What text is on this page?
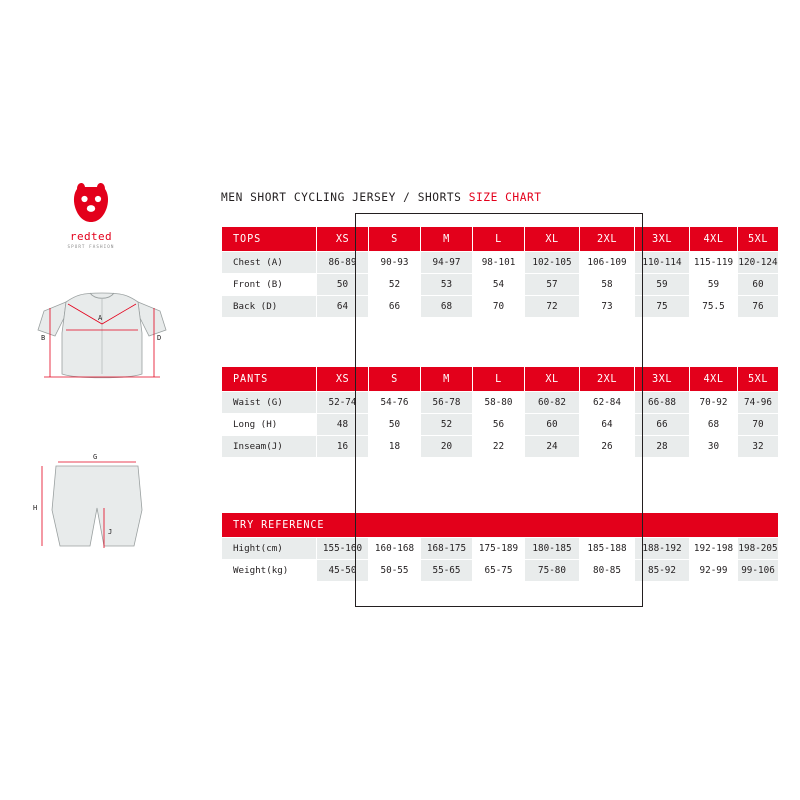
redted
SPORT FASHION
A
B	D
G
H
J
MEN SHORT CYCLING JERSEY / SHORTS SIZE CHART
TOPS	XS	S	M	L	XL	2XL	3XL	4XL	5XL
Chest (A)	86-89	90-93	94-97	98-101	102-105	106-109	110-114	115-119	120-124
Front (B)	50	52	53	54	57	58	59	59	60
Back (D)	64	66	68	70	72	73	75	75.5	76
PANTS	XS	S	M	L	XL	2XL	3XL	4XL	5XL
Waist (G)	52-74	54-76	56-78	58-80	60-82	62-84	66-88	70-92	74-96
Long (H)	48	50	52	56	60	64	66	68	70
Inseam(J)	16	18	20	22	24	26	28	30	32
TRY REFERENCE									
Hight(cm)	155-160	160-168	168-175	175-189	180-185	185-188	188-192	192-198	198-205
Weight(kg)	45-50	50-55	55-65	65-75	75-80	80-85	85-92	92-99	99-106
